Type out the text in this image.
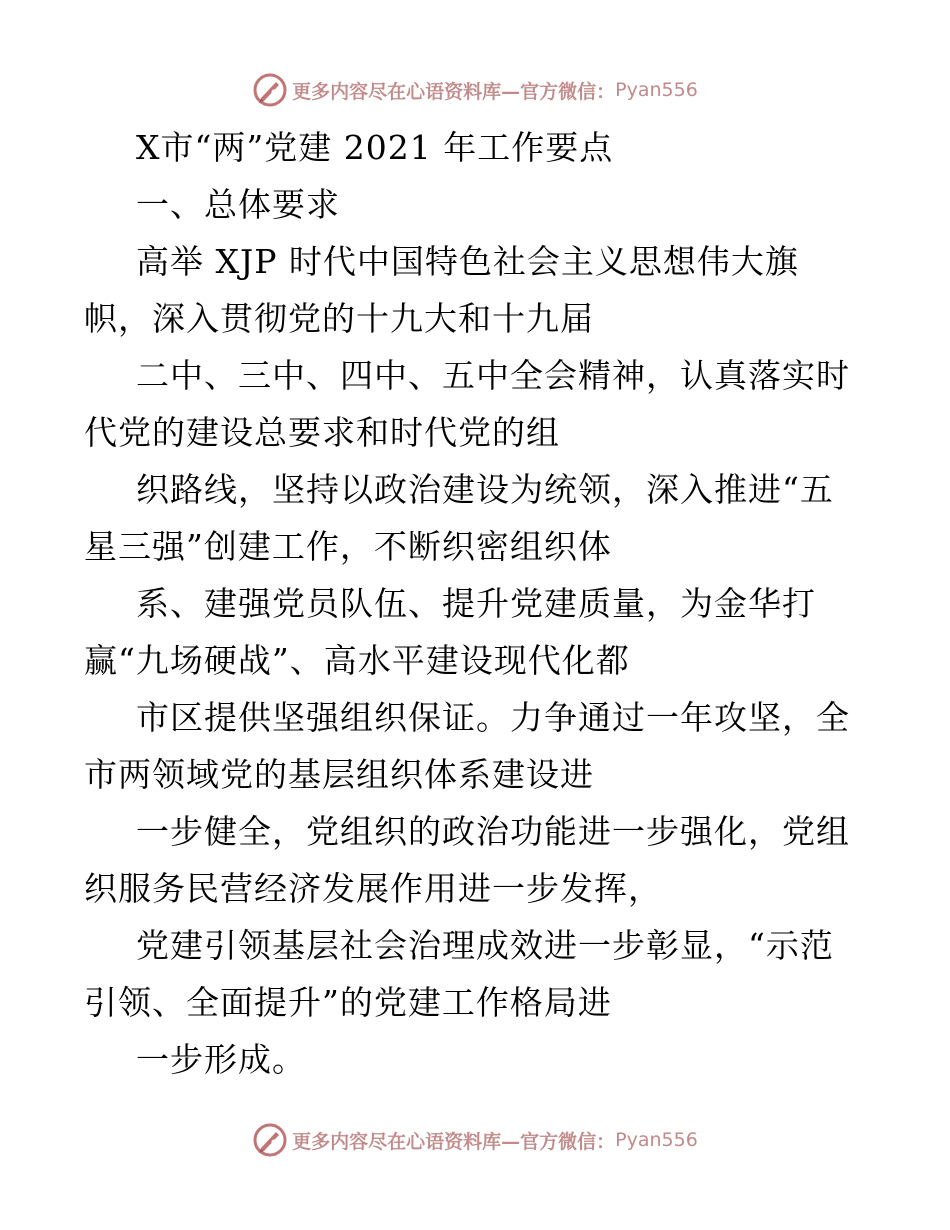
更多内容尽在心语资料库—官方微信： Pyan556
X市“两”党建 2021 年工作要点
一、总体要求
高举 XJP 时代中国特色社会主义思想伟大旗
帜，深入贯彻党的十九大和十九届
二中、三中、四中、五中全会精神，认真落实时
代党的建设总要求和时代党的组
织路线，坚持以政治建设为统领，深入推进“五
星三强”创建工作，不断织密组织体
系、建强党员队伍、提升党建质量，为金华打
赢“九场硬战”、高水平建设现代化都
市区提供坚强组织保证。力争通过一年攻坚，全
市两领域党的基层组织体系建设进
一步健全，党组织的政治功能进一步强化，党组
织服务民营经济发展作用进一步发挥，
党建引领基层社会治理成效进一步彰显，“示范
引领、全面提升”的党建工作格局进
一步形成。
更多内容尽在心语资料库—官方微信： Pyan556
